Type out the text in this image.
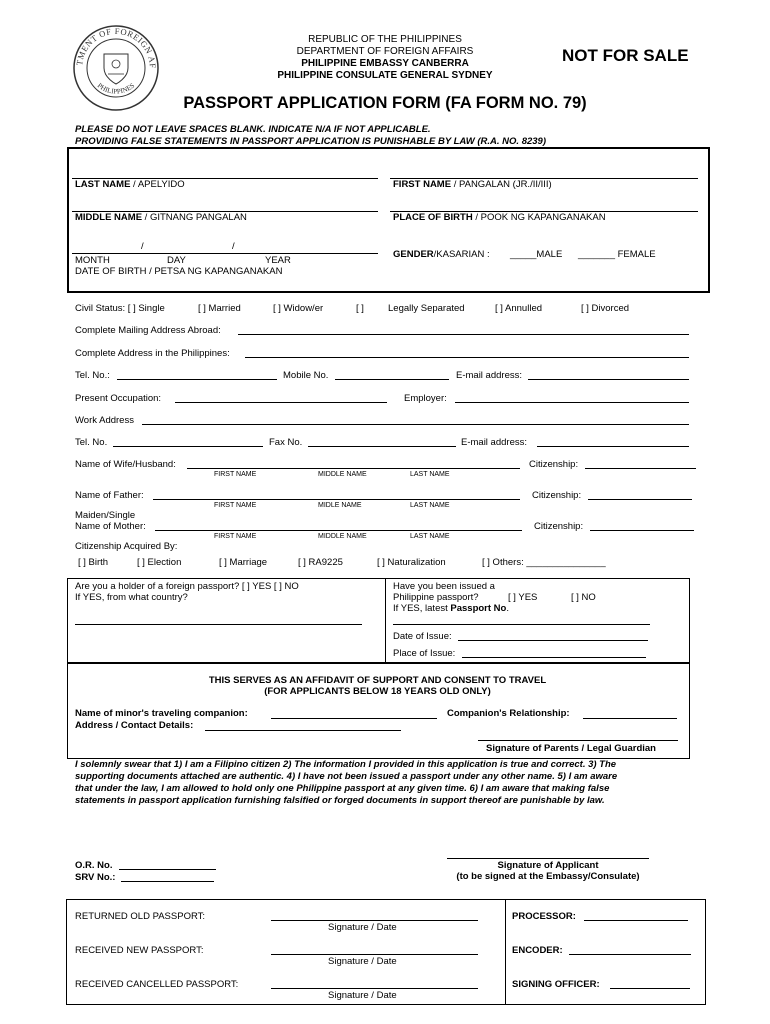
TMENT OF FOREIGN AF
PHILIPPINES
REPUBLIC OF THE PHILIPPINES
DEPARTMENT OF FOREIGN AFFAIRS
PHILIPPINE EMBASSY CANBERRA
PHILIPPINE CONSULATE GENERAL SYDNEY
NOT FOR SALE
PASSPORT APPLICATION FORM (FA FORM NO. 79)
PLEASE DO NOT LEAVE SPACES BLANK. INDICATE N/A IF NOT APPLICABLE.
PROVIDING FALSE STATEMENTS IN PASSPORT APPLICATION IS PUNISHABLE BY LAW (R.A. NO. 8239)
LAST NAME / APELYIDO	FIRST NAME / PANGALAN (JR./II/III)
MIDDLE NAME / GITNANG PANGALAN	PLACE OF BIRTH / POOK NG KAPANGANAKAN
/	/
MONTH	DAY	YEAR
DATE OF BIRTH / PETSA NG KAPANGANAKAN
GENDER/KASARIAN : _____MALE _______ FEMALE
Civil Status: [ ] Single	[ ] Married	[ ] Widow/er	[ ]	Legally Separated	[ ] Annulled	[ ] Divorced
Complete Mailing Address Abroad:
Complete Address in the Philippines:
Tel. No.:	Mobile No.	E-mail address:
Present Occupation:	Employer:
Work Address
Tel. No.	Fax No.	E-mail address:
Name of Wife/Husband:	Citizenship:
FIRST NAME	MIDDLE NAME	LAST NAME
Name of Father:	Citizenship:
FIRST NAME	MIDLE NAME	LAST NAME
Maiden/Single
Name of Mother:	Citizenship:
FIRST NAME	MIDDLE NAME	LAST NAME
Citizenship Acquired By:
[ ] Birth	[ ] Election	[ ] Marriage	[ ] RA9225	[ ] Naturalization	[ ] Others: _______________
Are you a holder of a foreign passport? [ ] YES [ ] NO
If YES, from what country?
Have you been issued a
Philippine passport?	[ ] YES	[ ] NO
If YES, latest Passport No.
Date of Issue:
Place of Issue:
THIS SERVES AS AN AFFIDAVIT OF SUPPORT AND CONSENT TO TRAVEL
(FOR APPLICANTS BELOW 18 YEARS OLD ONLY)
Name of minor's traveling companion:	Companion's Relationship:
Address / Contact Details:
Signature of Parents / Legal Guardian
I solemnly swear that 1) I am a Filipino citizen 2) The information I provided in this application is true and correct. 3) The
supporting documents attached are authentic. 4) I have not been issued a passport under any other name. 5) I am aware
that under the law, I am allowed to hold only one Philippine passport at any given time. 6) I am aware that making false
statements in passport application furnishing falsified or forged documents in support thereof are punishable by law.
O.R. No.
SRV No.:
Signature of Applicant
(to be signed at the Embassy/Consulate)
RETURNED OLD PASSPORT:
Signature / Date
RECEIVED NEW PASSPORT:
Signature / Date
RECEIVED CANCELLED PASSPORT:
Signature / Date
PROCESSOR:
ENCODER:
SIGNING OFFICER:
